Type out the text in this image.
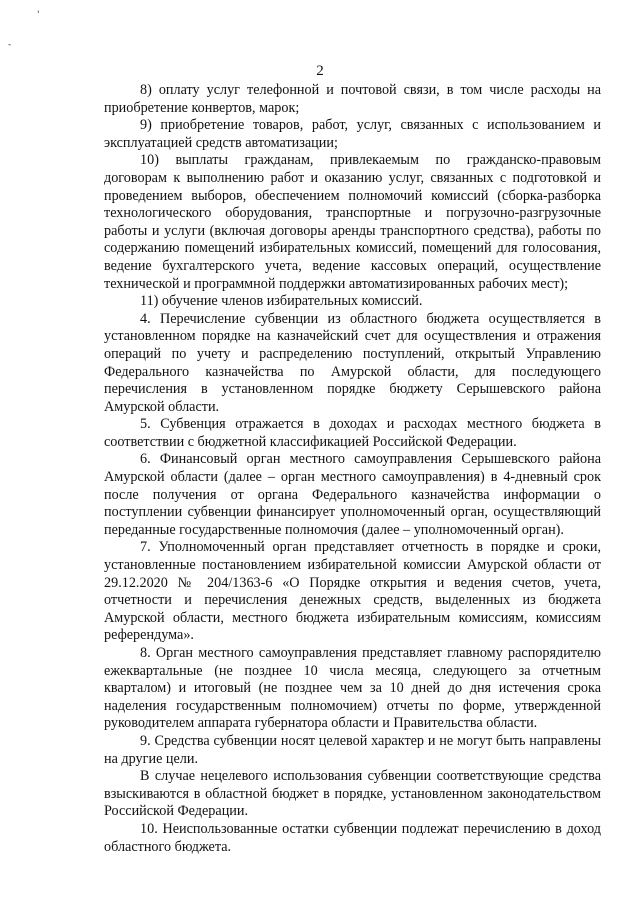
'
-
2

8) оплату услуг телефонной и почтовой связи, в том числе расходы на приобретение конвертов, марок;

9) приобретение товаров, работ, услуг, связанных с использованием и эксплуатацией средств автоматизации;

10) выплаты гражданам, привлекаемым по гражданско-правовым договорам к выполнению работ и оказанию услуг, связанных с подготовкой и проведением выборов, обеспечением полномочий комиссий (сборка-разборка технологического оборудования, транспортные и погрузочно-разгрузочные работы и услуги (включая договоры аренды транспортного средства), работы по содержанию помещений избирательных комиссий, помещений для голосования, ведение бухгалтерского учета, ведение кассовых операций, осуществление технической и программной поддержки автоматизированных рабочих мест);

11) обучение членов избирательных комиссий.

4. Перечисление субвенции из областного бюджета осуществляется в установленном порядке на казначейский счет для осуществления и отражения операций по учету и распределению поступлений, открытый Управлению Федерального казначейства по Амурской области, для последующего перечисления в установленном порядке бюджету Серышевского района Амурской области.

5. Субвенция отражается в доходах и расходах местного бюджета в соответствии с бюджетной классификацией Российской Федерации.

6. Финансовый орган местного самоуправления Серышевского района Амурской области (далее – орган местного самоуправления) в 4-дневный срок после получения от органа Федерального казначейства информации о поступлении субвенции финансирует уполномоченный орган, осуществляющий переданные государственные полномочия (далее – уполномоченный орган).

7. Уполномоченный орган представляет отчетность в порядке и сроки, установленные постановлением избирательной комиссии Амурской области от 29.12.2020 № 204/1363-6 «О Порядке открытия и ведения счетов, учета, отчетности и перечисления денежных средств, выделенных из бюджета Амурской области, местного бюджета избирательным комиссиям, комиссиям референдума».

8. Орган местного самоуправления представляет главному распорядителю ежеквартальные (не позднее 10 числа месяца, следующего за отчетным кварталом) и итоговый (не позднее чем за 10 дней до дня истечения срока наделения государственным полномочием) отчеты по форме, утвержденной руководителем аппарата губернатора области и Правительства области.

9. Средства субвенции носят целевой характер и не могут быть направлены на другие цели.

В случае нецелевого использования субвенции соответствующие средства взыскиваются в областной бюджет в порядке, установленном законодательством Российской Федерации.

10. Неиспользованные остатки субвенции подлежат перечислению в доход областного бюджета.
